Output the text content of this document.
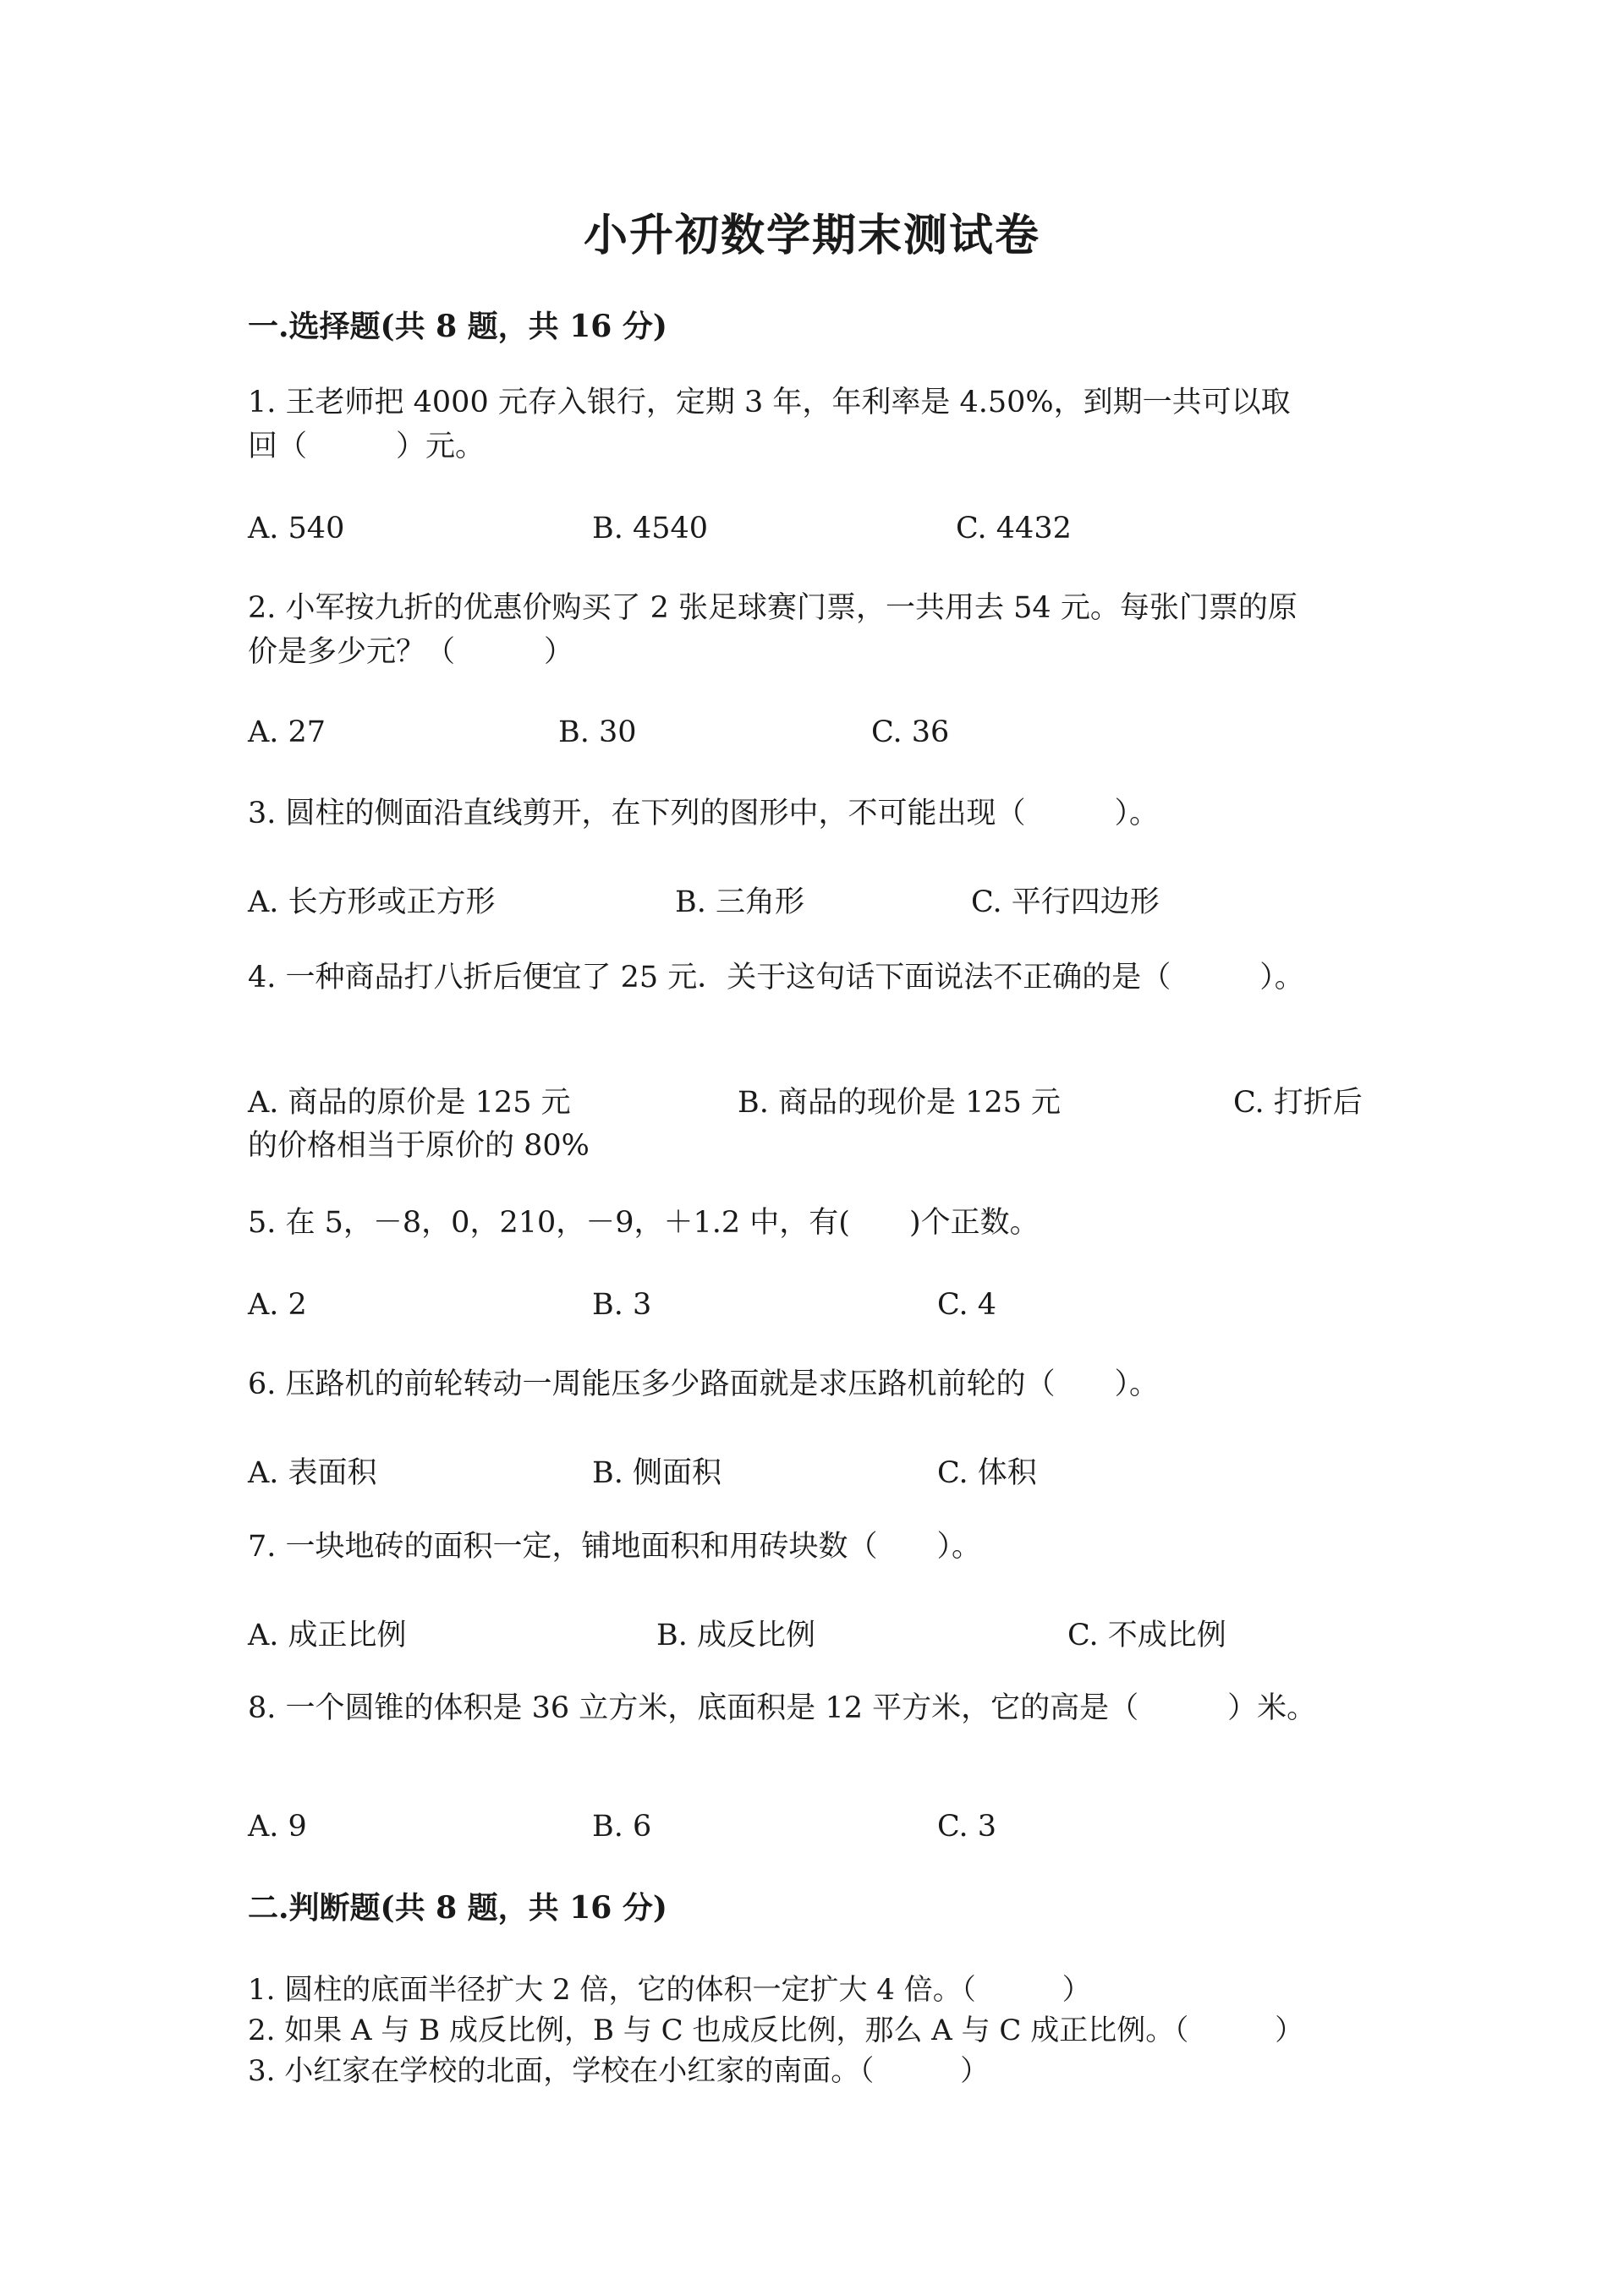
小升初数学期末测试卷
一.选择题(共 8 题，共 16 分)
1. 王老师把 4000 元存入银行，定期 3 年，年利率是 4.50%，到期一共可以取
回（　　　）元。
A. 540	B. 4540	C. 4432
2. 小军按九折的优惠价购买了 2 张足球赛门票，一共用去 54 元。每张门票的原
价是多少元？（　　　）
A. 27	B. 30	C. 36
3. 圆柱的侧面沿直线剪开，在下列的图形中，不可能出现（　　　）。
A. 长方形或正方形	B. 三角形	C. 平行四边形
4. 一种商品打八折后便宜了 25 元．关于这句话下面说法不正确的是（　　　）。
A. 商品的原价是 125 元	B. 商品的现价是 125 元	C. 打折后
的价格相当于原价的 80%
5. 在 5，－8，0，210，－9，＋1.2 中，有(　　)个正数。
A. 2	B. 3	C. 4
6. 压路机的前轮转动一周能压多少路面就是求压路机前轮的（　　）。
A. 表面积	B. 侧面积	C. 体积
7. 一块地砖的面积一定，铺地面积和用砖块数（　　）。
A. 成正比例	B. 成反比例	C. 不成比例
8. 一个圆锥的体积是 36 立方米，底面积是 12 平方米，它的高是（　　　）米。
A. 9	B. 6	C. 3
二.判断题(共 8 题，共 16 分)
1. 圆柱的底面半径扩大 2 倍，它的体积一定扩大 4 倍。（　　　）
2. 如果 A 与 B 成反比例，B 与 C 也成反比例，那么 A 与 C 成正比例。（　　　）
3. 小红家在学校的北面，学校在小红家的南面。（　　　）
